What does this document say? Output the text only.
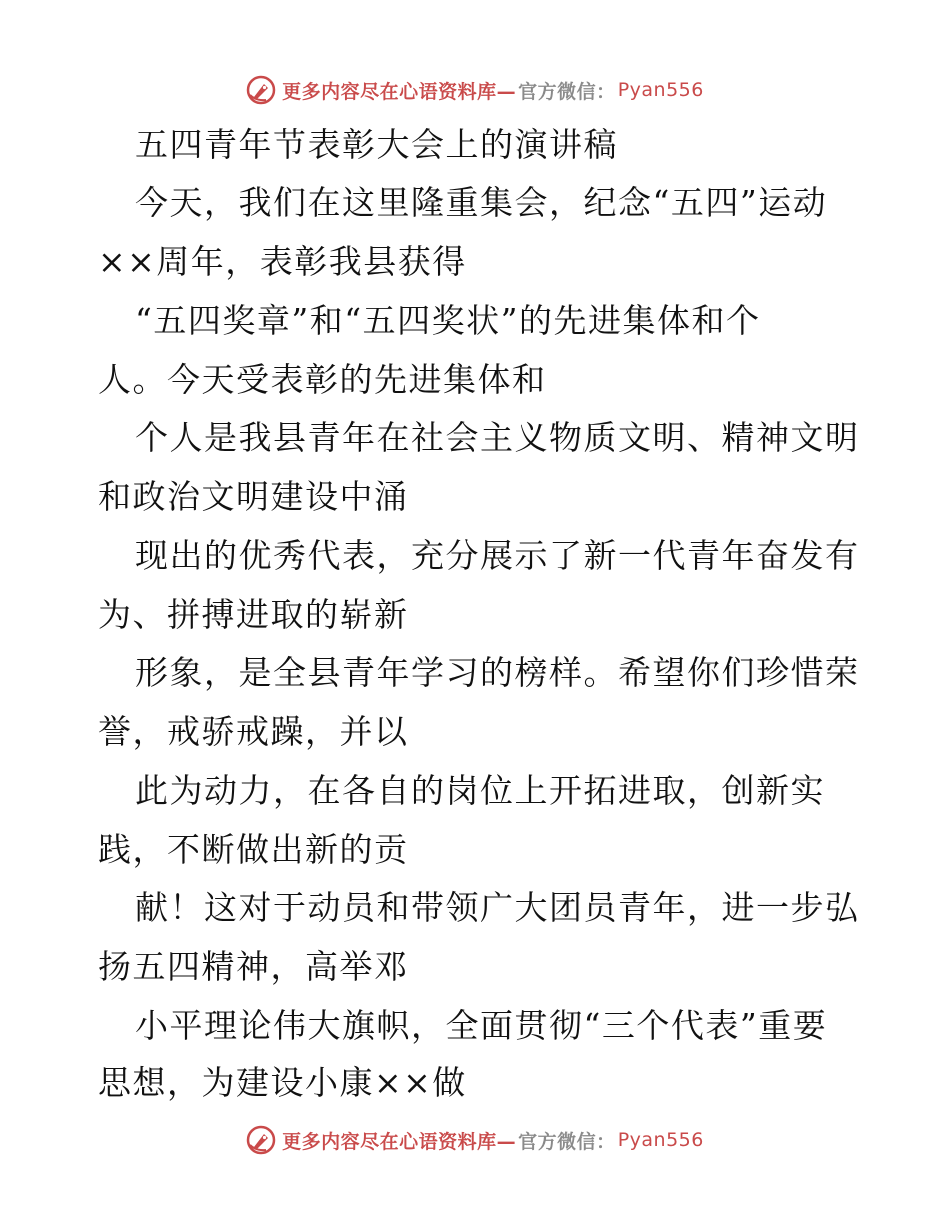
更多内容尽在心语资料库— 官方微信： Pyan556
五四青年节表彰大会上的演讲稿
今天，我们在这里隆重集会，纪念“五四”运动
××周年，表彰我县获得
“五四奖章”和“五四奖状”的先进集体和个
人。今天受表彰的先进集体和
个人是我县青年在社会主义物质文明、精神文明
和政治文明建设中涌
现出的优秀代表，充分展示了新一代青年奋发有
为、拼搏进取的崭新
形象，是全县青年学习的榜样。希望你们珍惜荣
誉，戒骄戒躁，并以
此为动力，在各自的岗位上开拓进取，创新实
践，不断做出新的贡
献！这对于动员和带领广大团员青年，进一步弘
扬五四精神，高举邓
小平理论伟大旗帜，全面贯彻“三个代表”重要
思想，为建设小康××做
更多内容尽在心语资料库— 官方微信： Pyan556
